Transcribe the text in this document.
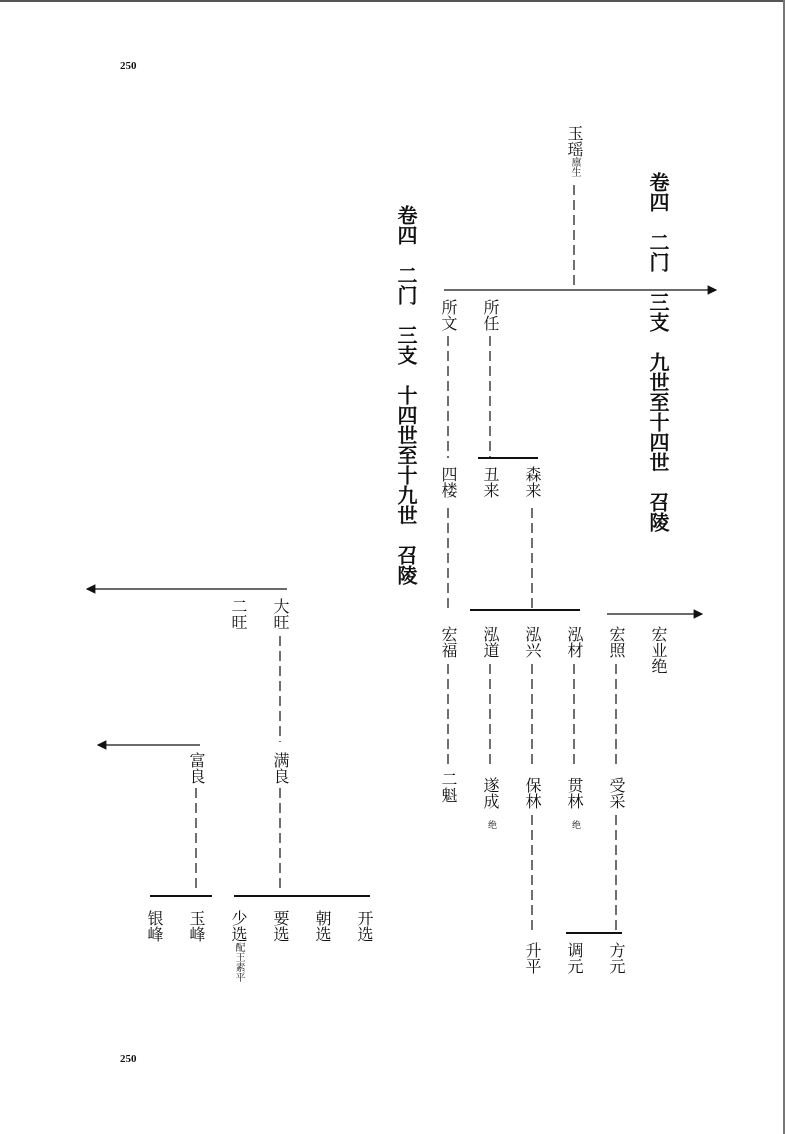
250
250
卷四　二门　三支　九世至十四世　召陵
卷四　二门　三支　十四世至十九世　召陵
玉瑶廪生
所文 所任
四楼 丑来 森来
宏福 泓道 泓兴 泓材 宏照 宏业绝
二魁 遂成
绝
保林 贯林
绝
受采
升平 调元 方元
大旺
二旺
满良
富良
开选
朝选
要选
少选配王素平
玉峰
银峰
